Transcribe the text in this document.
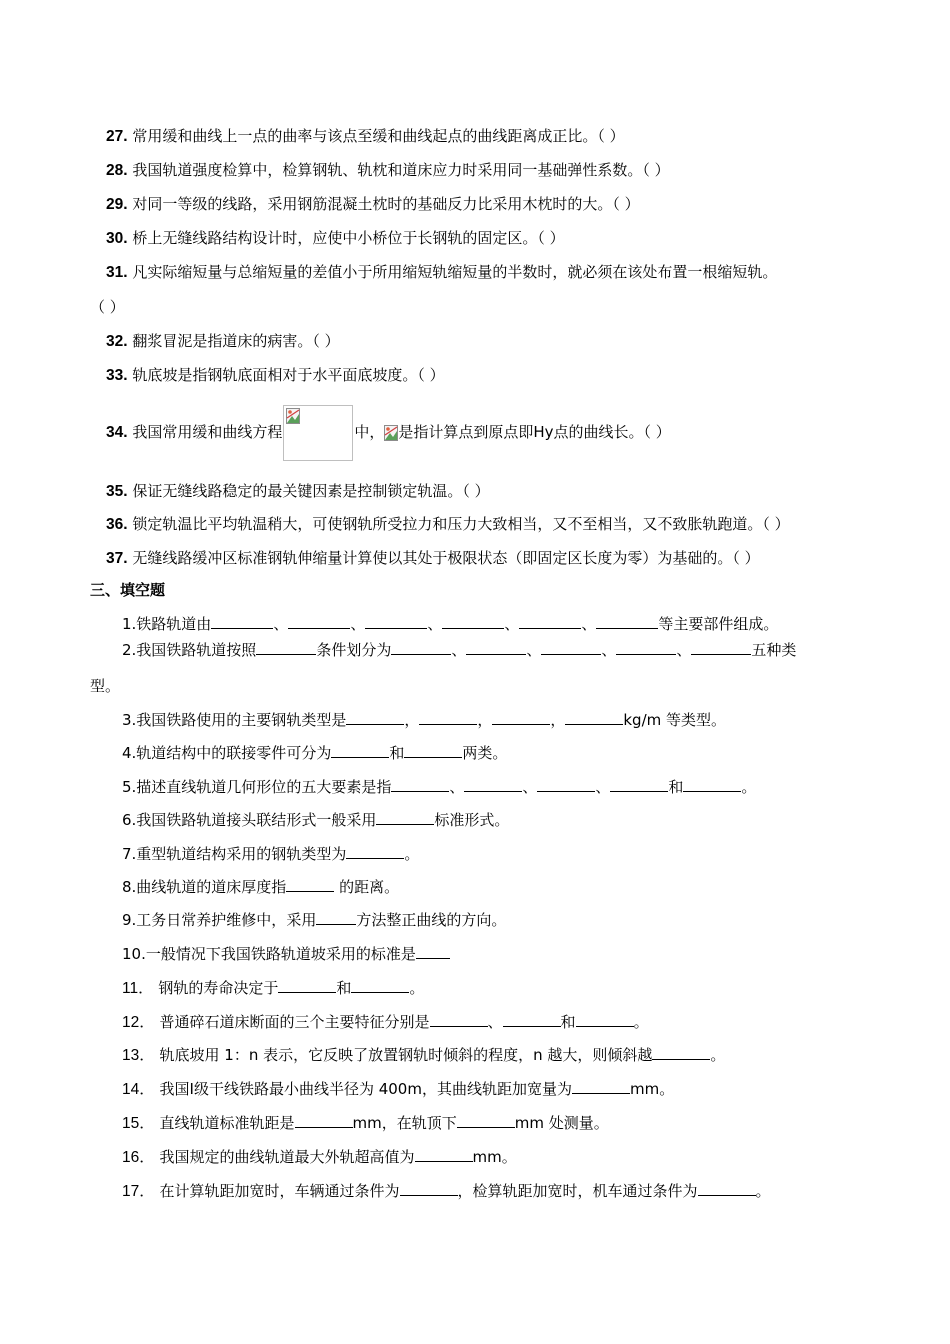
27. 常用缓和曲线上一点的曲率与该点至缓和曲线起点的曲线距离成正比。（ ）
28. 我国轨道强度检算中，检算钢轨、轨枕和道床应力时采用同一基础弹性系数。（ ）
29. 对同一等级的线路，采用钢筋混凝土枕时的基础反力比采用木枕时的大。（ ）
30. 桥上无缝线路结构设计时，应使中小桥位于长钢轨的固定区。（ ）
31. 凡实际缩短量与总缩短量的差值小于所用缩短轨缩短量的半数时，就必须在该处布置一根缩短轨。
（ ）
32. 翻浆冒泥是指道床的病害。（ ）
33. 轨底坡是指钢轨底面相对于水平面底坡度。（ ）
34. 我国常用缓和曲线方程	中， 是指计算点到原点即Hy点的曲线长。（ ）
35. 保证无缝线路稳定的最关键因素是控制锁定轨温。（ ）
36. 锁定轨温比平均轨温稍大，可使钢轨所受拉力和压力大致相当，又不至相当，又不致胀轨跑道。（ ）
37. 无缝线路缓冲区标准钢轨伸缩量计算使以其处于极限状态（即固定区长度为零）为基础的。（ ）
三、填空题
1.铁路轨道由	、	、	、	、	、	等主要部件组成。
2.我国铁路轨道按照	条件划分为	、	、	、	、	五种类
型。
3.我国铁路使用的主要钢轨类型是	，	，	，	kg/m 等类型。
4.轨道结构中的联接零件可分为	和	两类。
5.描述直线轨道几何形位的五大要素是指	、	、	、	和	。
6.我国铁路轨道接头联结形式一般采用	标准形式。
7.重型轨道结构采用的钢轨类型为	。
8.曲线轨道的道床厚度指	的距离。
9.工务日常养护维修中，采用	方法整正曲线的方向。
10.一般情况下我国铁路轨道坡采用的标准是
11． 钢轨的寿命决定于	和	。
12． 普通碎石道床断面的三个主要特征分别是	、	和	。
13． 轨底坡用 1：n 表示，它反映了放置钢轨时倾斜的程度，n 越大，则倾斜越	。
14． 我国Ⅰ级干线铁路最小曲线半径为 400m，其曲线轨距加宽量为	mm。
15． 直线轨道标准轨距是	mm，在轨顶下	mm 处测量。
16． 我国规定的曲线轨道最大外轨超高值为	mm。
17． 在计算轨距加宽时，车辆通过条件为	，检算轨距加宽时，机车通过条件为	。
